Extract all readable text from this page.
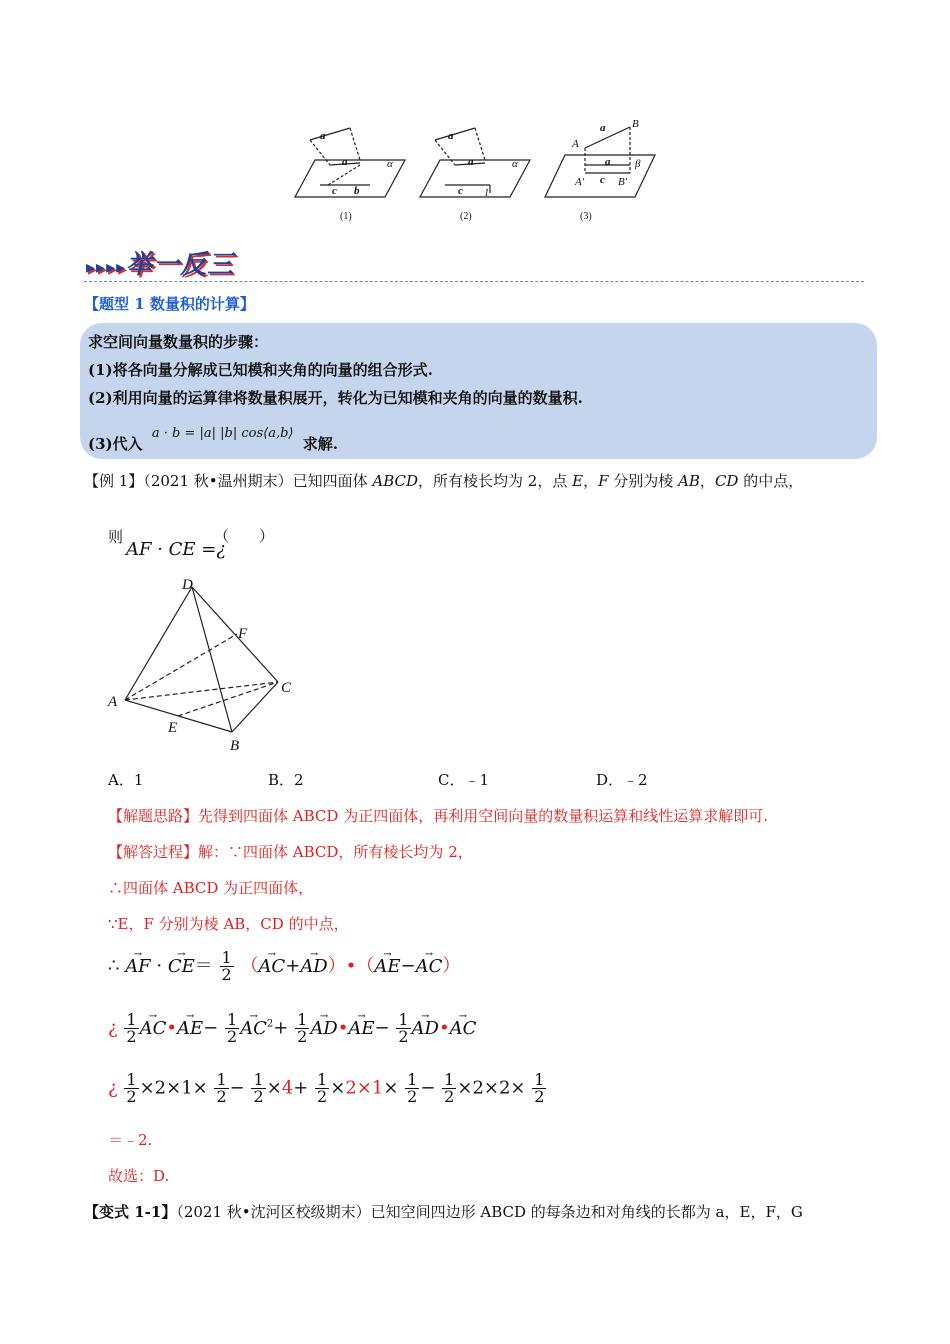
a
a
c b
α
a
a
c l
α
A
B
a
β
a
A′ c B′
(1)	(2)	(3)
▸▸▸▸举一反三
【题型 1 数量积的计算】
求空间向量数量积的步骤：
(1)将各向量分解成已知模和夹角的向量的组合形式.
(2)利用向量的运算律将数量积展开，转化为已知模和夹角的向量的数量积.
(3)代入 a · b = |a| |b| cos⟨a,b⟩ 求解.
【例 1】（2021 秋•温州期末）已知四面体 ABCD，所有棱长均为 2，点 E，F 分别为棱 AB，CD 的中点，
则
AF · CE =¿
（　　）
D
F
C
A
E
B
A．1	B．2	C．﹣1	D．﹣2
【解题思路】先得到四面体 ABCD 为正四面体，再利用空间向量的数量积运算和线性运算求解即可.
【解答过程】解：∵四面体 ABCD，所有棱长均为 2，
∴四面体 ABCD 为正四面体，
∵E，F 分别为棱 AB，CD 的中点，
∴ → AF · → $CE= \frac{1}{2}$ （→ AC+→ AD）•（→ AE−→ AC）
¿ $\frac{1}{2}$
→ AC•→ $AE- \frac{1}{2}$
→ $AC^2+ \frac{1}{2}$
→ AD•→ $AE- \frac{1}{2}$
→ AD•→ AC
¿ $\frac{1}{2} \times 2\times 1\times \frac{1}{2} - \frac{1}{2} \times 4+ \frac{1}{2} \times 2\times 1\times \frac{1}{2} - \frac{1}{2} \times 2\times 2\times \frac{1}{2}$
＝﹣2.
故选：D.
【变式 1-1】（2021 秋•沈河区校级期末）已知空间四边形 ABCD 的每条边和对角线的长都为 a，E，F，G
